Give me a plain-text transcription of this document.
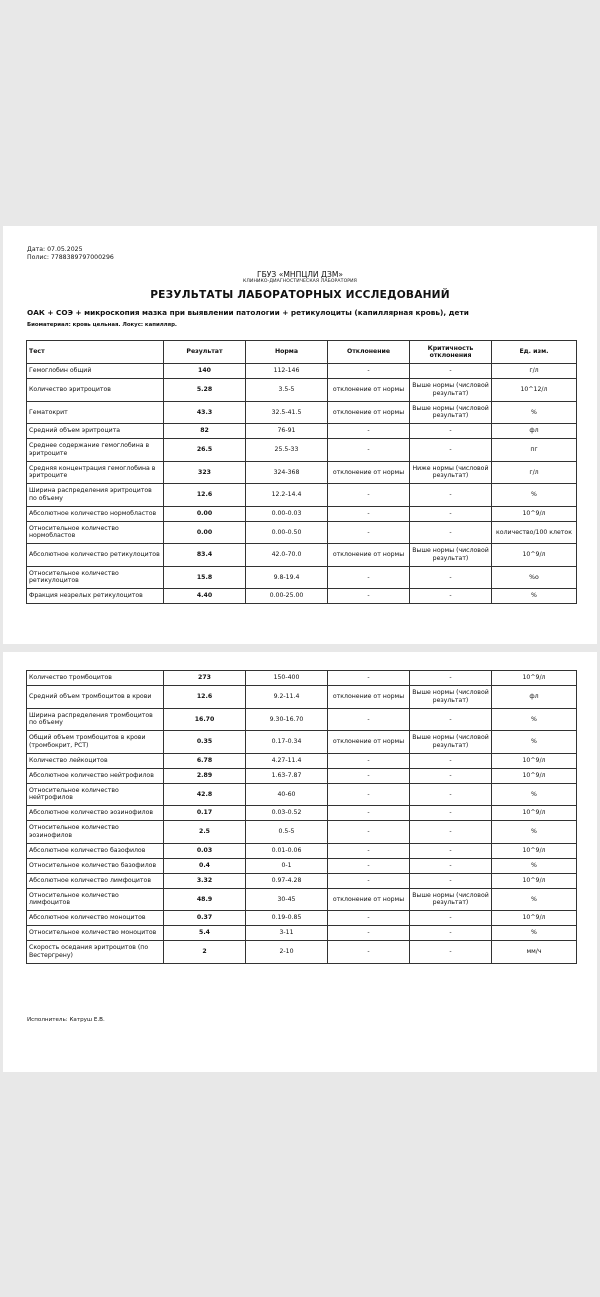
Дата: 07.05.2025
Полис: 7788389797000296
ГБУЗ «МНПЦЛИ ДЗМ»
КЛИНИКО-ДИАГНОСТИЧЕСКАЯ ЛАБОРАТОРИЯ
РЕЗУЛЬТАТЫ ЛАБОРАТОРНЫХ ИССЛЕДОВАНИЙ
ОАК + СОЭ + микроскопия мазка при выявлении патологии + ретикулоциты (капиллярная кровь), дети
Биоматериал: кровь цельная. Локус: капилляр.
Тест	Результат	Норма	Отклонение	Критичность отклонения	Ед. изм.
Гемоглобин общий	140	112-146	-	-	г/л
Количество эритроцитов	5.28	3.5-5	отклонение от нормы	Выше нормы (числовой результат)	10^12/л
Гематокрит	43.3	32.5-41.5	отклонение от нормы	Выше нормы (числовой результат)	%
Средний объем эритроцита	82	76-91	-	-	фл
Среднее содержание гемоглобина в эритроците	26.5	25.5-33	-	-	пг
Средняя концентрация гемоглобина в эритроците	323	324-368	отклонение от нормы	Ниже нормы (числовой результат)	г/л
Ширина распределения эритроцитов по объему	12.6	12.2-14.4	-	-	%
Абсолютное количество нормобластов	0.00	0.00-0.03	-	-	10^9/л
Относительное количество нормобластов	0.00	0.00-0.50	-	-	количество/100 клеток
Абсолютное количество ретикулоцитов	83.4	42.0-70.0	отклонение от нормы	Выше нормы (числовой результат)	10^9/л
Относительное количество ретикулоцитов	15.8	9.8-19.4	-	-	%o
Фракция незрелых ретикулоцитов	4.40	0.00-25.00	-	-	%
Количество тромбоцитов	273	150-400	-	-	10^9/л
Средний объем тромбоцитов в крови	12.6	9.2-11.4	отклонение от нормы	Выше нормы (числовой результат)	фл
Ширина распределения тромбоцитов по объему	16.70	9.30-16.70	-	-	%
Общий объем тромбоцитов в крови (тромбокрит, PCT)	0.35	0.17-0.34	отклонение от нормы	Выше нормы (числовой результат)	%
Количество лейкоцитов	6.78	4.27-11.4	-	-	10^9/л
Абсолютное количество нейтрофилов	2.89	1.63-7.87	-	-	10^9/л
Относительное количество нейтрофилов	42.8	40-60	-	-	%
Абсолютное количество эозинофилов	0.17	0.03-0.52	-	-	10^9/л
Относительное количество эозинофилов	2.5	0.5-5	-	-	%
Абсолютное количество базофилов	0.03	0.01-0.06	-	-	10^9/л
Относительное количество базофилов	0.4	0-1	-	-	%
Абсолютное количество лимфоцитов	3.32	0.97-4.28	-	-	10^9/л
Относительное количество лимфоцитов	48.9	30-45	отклонение от нормы	Выше нормы (числовой результат)	%
Абсолютное количество моноцитов	0.37	0.19-0.85	-	-	10^9/л
Относительное количество моноцитов	5.4	3-11	-	-	%
Скорость оседания эритроцитов (по Вестергрену)	2	2-10	-	-	мм/ч
Исполнитель: Катруш Е.В.
